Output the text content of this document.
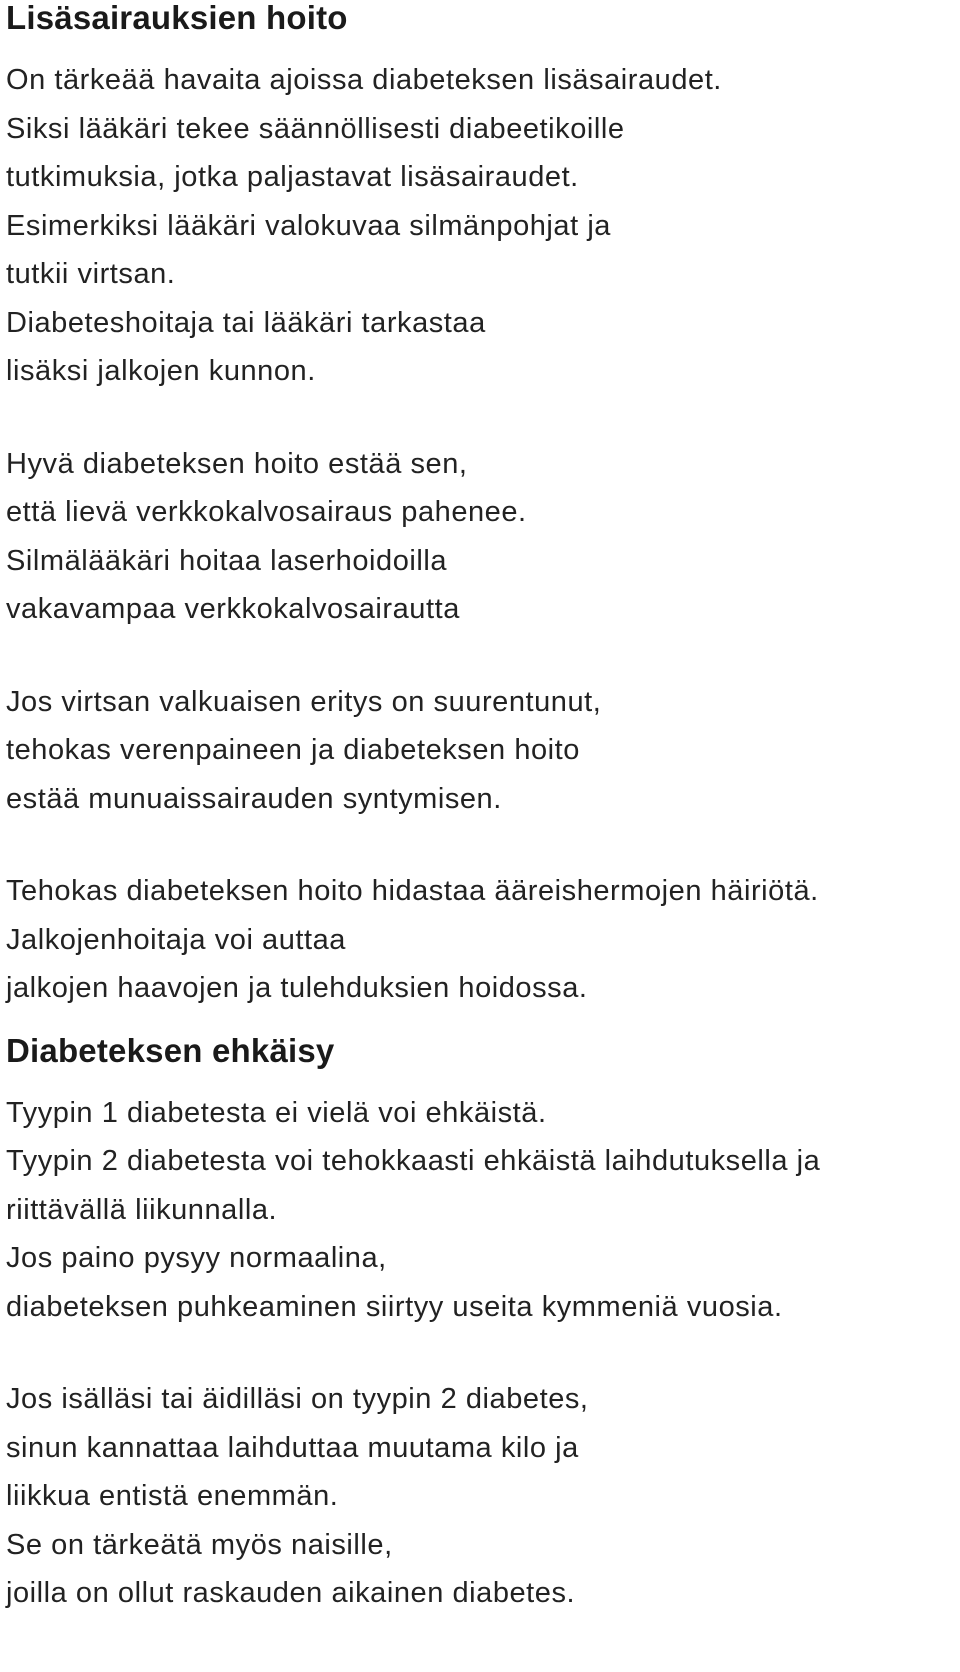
Lisäsairauksien hoito
On tärkeää havaita ajoissa diabeteksen lisäsairaudet.
Siksi lääkäri tekee säännöllisesti diabeetikoille
tutkimuksia, jotka paljastavat lisäsairaudet.
Esimerkiksi lääkäri valokuvaa silmänpohjat ja
tutkii virtsan.
Diabeteshoitaja tai lääkäri tarkastaa
lisäksi jalkojen kunnon.
Hyvä diabeteksen hoito estää sen,
että lievä verkkokalvosairaus pahenee.
Silmälääkäri hoitaa laserhoidoilla
vakavampaa verkkokalvosairautta
Jos virtsan valkuaisen eritys on suurentunut,
tehokas verenpaineen ja diabeteksen hoito
estää munuaissairauden syntymisen.
Tehokas diabeteksen hoito hidastaa ääreishermojen häiriötä.
Jalkojenhoitaja voi auttaa
jalkojen haavojen ja tulehduksien hoidossa.
Diabeteksen ehkäisy
Tyypin 1 diabetesta ei vielä voi ehkäistä.
Tyypin 2 diabetesta voi tehokkaasti ehkäistä laihdutuksella ja
riittävällä liikunnalla.
Jos paino pysyy normaalina,
diabeteksen puhkeaminen siirtyy useita kymmeniä vuosia.
Jos isälläsi tai äidilläsi on tyypin 2 diabetes,
sinun kannattaa laihduttaa muutama kilo ja
liikkua entistä enemmän.
Se on tärkeätä myös naisille,
joilla on ollut raskauden aikainen diabetes.
